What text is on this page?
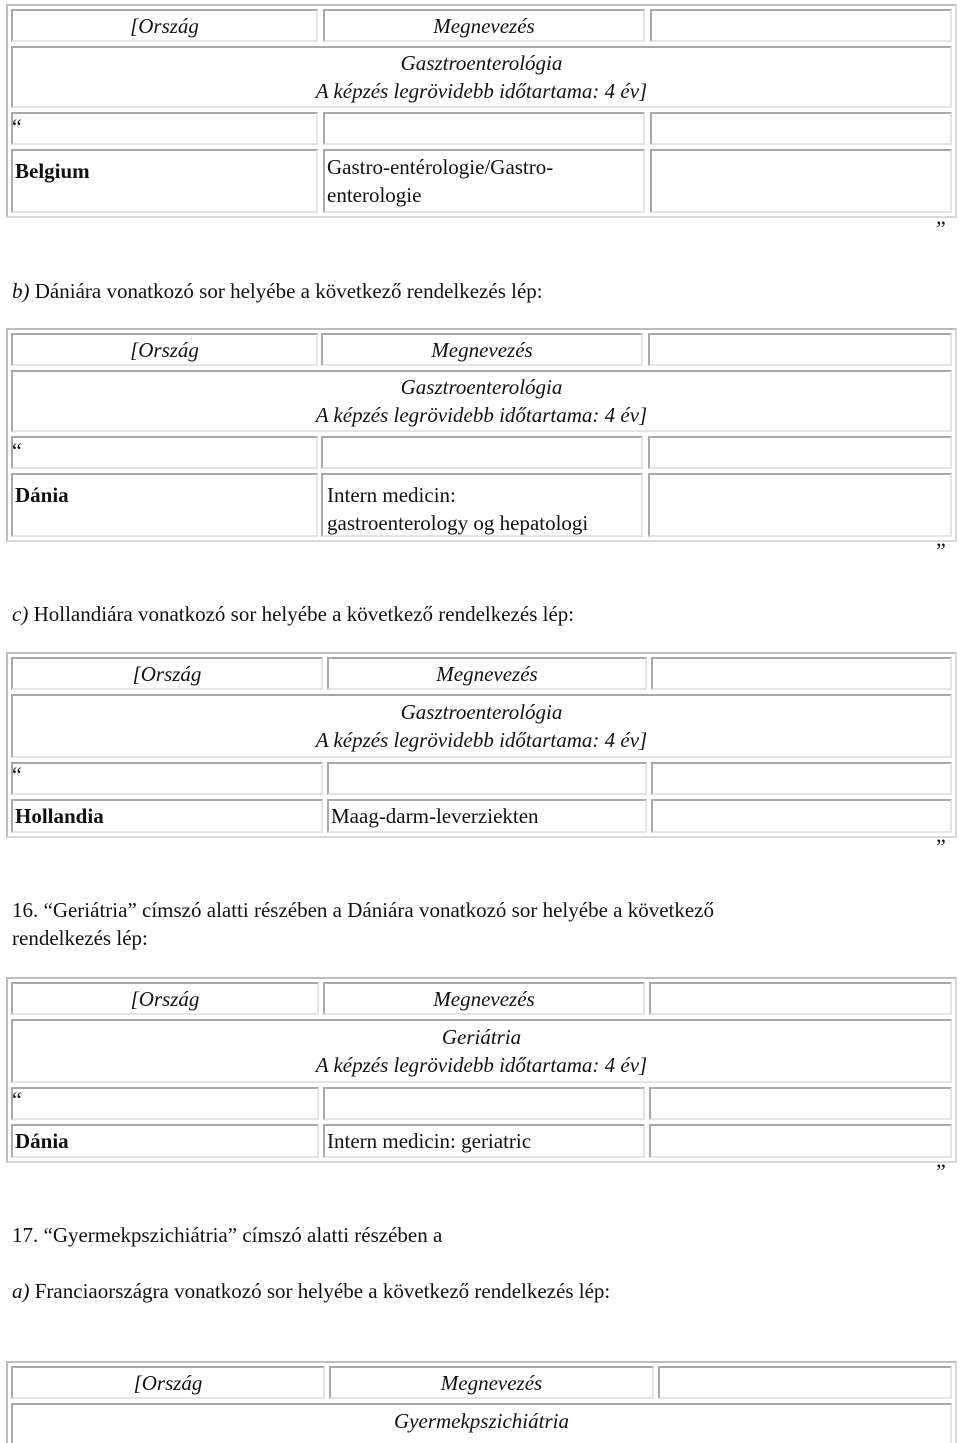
[Ország	Megnevezés
Gasztroenterológia
A képzés legrövidebb időtartama: 4 év]
Belgium	Gastro-entérologie/Gastro-
enterologie
“
”

b) Dániára vonatkozó sor helyébe a következő rendelkezés lép:

[Ország	Megnevezés
Gasztroenterológia
A képzés legrövidebb időtartama: 4 év]
Dánia	Intern medicin:
gastroenterology og hepatologi
“
”

c) Hollandiára vonatkozó sor helyébe a következő rendelkezés lép:

[Ország	Megnevezés
Gasztroenterológia
A képzés legrövidebb időtartama: 4 év]
Hollandia	Maag-darm-leverziekten
“
”

16. “Geriátria” címszó alatti részében a Dániára vonatkozó sor helyébe a következő
rendelkezés lép:

[Ország	Megnevezés
Geriátria
A képzés legrövidebb időtartama: 4 év]
Dánia	Intern medicin: geriatric
“
”

17. “Gyermekpszichiátria” címszó alatti részében a

a) Franciaországra vonatkozó sor helyébe a következő rendelkezés lép:

[Ország	Megnevezés
Gyermekpszichiátria
